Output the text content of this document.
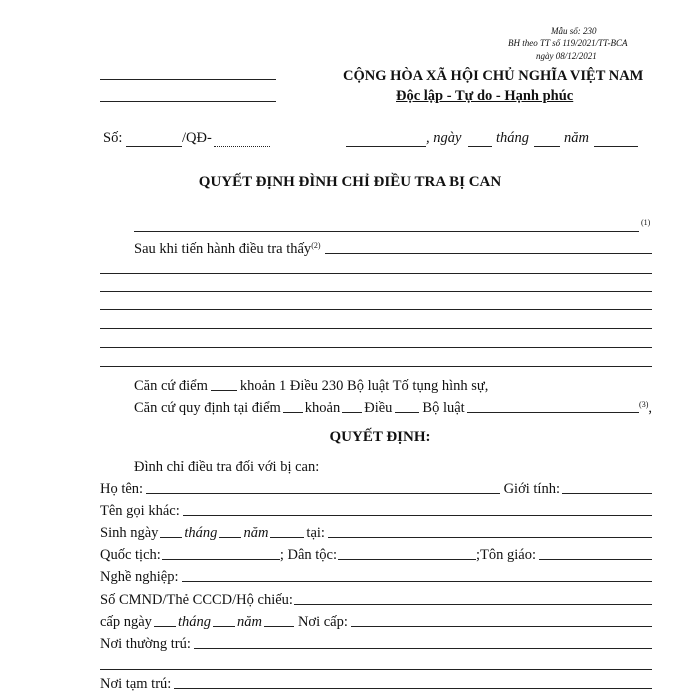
Mẫu số: 230
BH theo TT số 119/2021/TT-BCA
ngày 08/12/2021
CỘNG HÒA XÃ HỘI CHỦ NGHĨA VIỆT NAM
Độc lập - Tự do - Hạnh phúc
Số:	/QĐ-	, ngày tháng năm
QUYẾT ĐỊNH ĐÌNH CHỈ ĐIỀU TRA BỊ CAN
(1)
Sau khi tiến hành điều tra thấy$^{(2)}$
Căn cứ điểm khoản 1 Điều 230 Bộ luật Tố tụng hình sự,
Căn cứ quy định tại điểm khoản Điều Bộ luật	(3) ,
QUYẾT ĐỊNH:
Đình chỉ điều tra đối với bị can:
Họ tên:	Giới tính:
Tên gọi khác:
Sinh ngày tháng năm	tại:
Quốc tịch:	; Dân tộc:	;Tôn giáo:
Nghề nghiệp:
Số CMND/Thẻ CCCD/Hộ chiếu:
cấp ngày tháng năm Nơi cấp:
Nơi thường trú:
Nơi tạm trú:
